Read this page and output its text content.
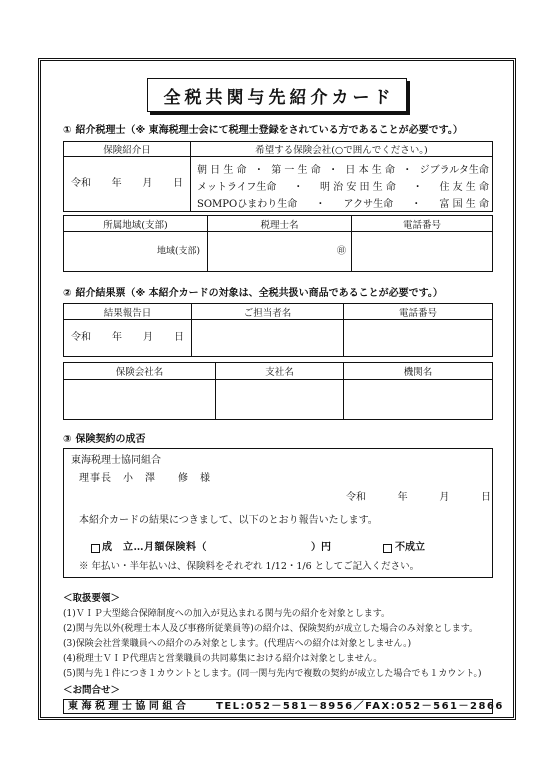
全税共関与先紹介カード
① 紹介税理士（※ 東海税理士会にて税理士登録をされている方であることが必要です。）
保険紹介日	希望する保険会社(○で囲んでください。)
令和 年 月 日
朝 日 生 命 ・ 第 一 生 命 ・ 日 本 生 命 ・ ジブラルタ生命
メットライフ生命 ・ 明 治 安 田 生 命 ・ 住 友 生 命
SOMPOひまわり生命 ・ アクサ生命 ・ 富 国 生 命
所属地域(支部)	税理士名	電話番号
地域(支部)	㊞
② 紹介結果票（※ 本紹介カードの対象は、全税共扱い商品であることが必要です。）
結果報告日	ご担当者名	電話番号
令和 年 月 日
保険会社名	支社名	機関名
③ 保険契約の成否
東海税理士協同組合
理事長　小　澤　　修　様
令和	年	月	日
本紹介カードの結果につきまして、以下のとおり報告いたします。
成　立…月額保険料（	）円	不成立
※ 年払い・半年払いは、保険料をそれぞれ 1/12・1/6 としてご記入ください。
＜取扱要領＞
(1)ＶＩＰ大型総合保障制度への加入が見込まれる関与先の紹介を対象とします。
(2)関与先以外(税理士本人及び事務所従業員等)の紹介は、保険契約が成立した場合のみ対象とします。
(3)保険会社営業職員への紹介のみ対象とします。(代理店への紹介は対象としません。)
(4)税理士ＶＩＰ代理店と営業職員の共同募集における紹介は対象としません。
(5)関与先１件につき１カウントとします。(同一関与先内で複数の契約が成立した場合でも１カウント。)
＜お問合せ＞
東 海 税 理 士 協 同 組 合	TEL:052－581－8956／FAX:052－561－2866
